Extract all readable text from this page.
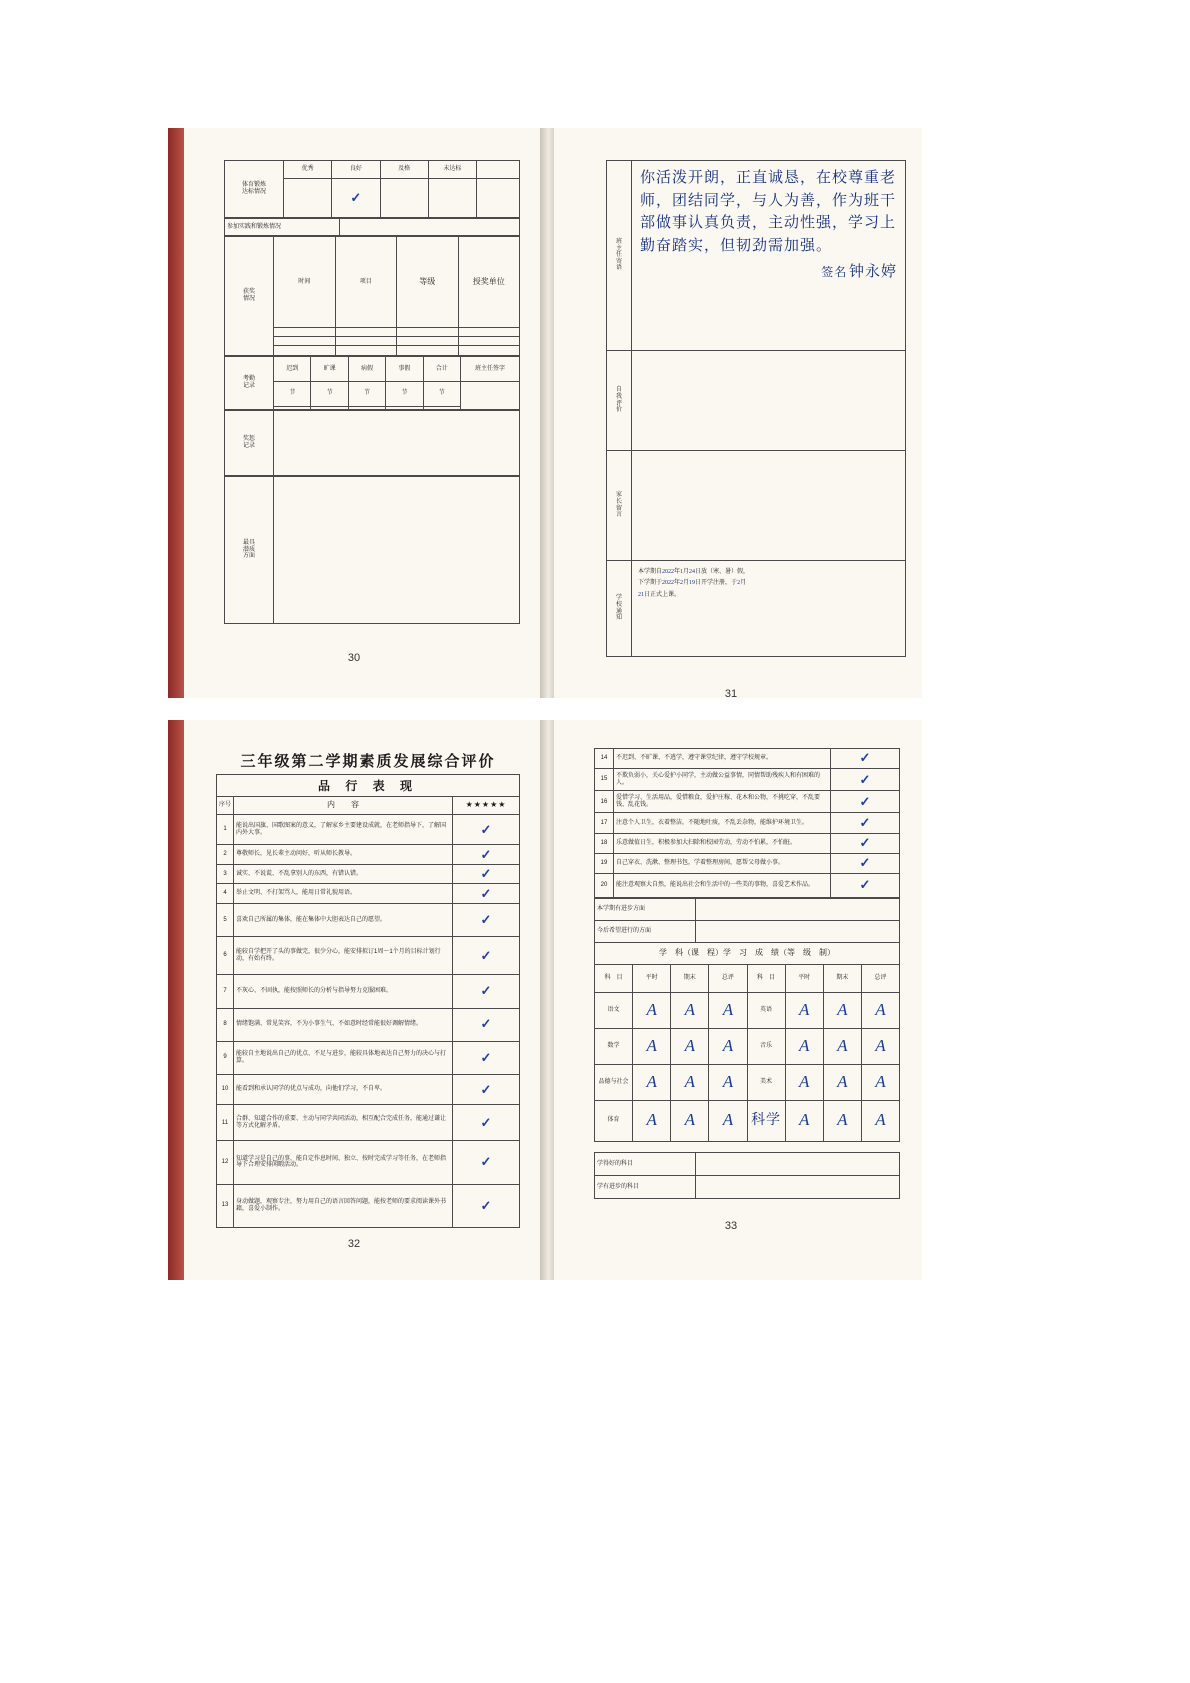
体育锻炼
达标情况	优秀	良好	及格	未达标	
		✓			
参加实践和锻炼情况	
获奖
情况	时间	项目	等级	授奖单位

考勤
记录	迟到	旷课	病假	事假	合计	班主任签字
	节	节	节	节	节	

奖惩
记录

最具
潜质
方面

30
班
主
任
寄
语

你活泼开朗，正直诚恳，在校尊重老师，团结同学，与人为善，作为班干部做事认真负责，主动性强，学习上勤奋踏实，但韧劲需加强。
签名 钟永婷

自
我
评
价	

家
长
留
言	

学
校
通
知

本学期自2022年1月24日放（寒、暑）假，
下学期于2022年2月19日开学注册，于2月
21日正式上课。
31
三年级第二学期素质发展综合评价
品 行 表 现
序号	内　　容	★★★★★
1	能说出国旗、国歌图案的意义，了解家乡主要建设成就，在老师指导下，了解国内外大事。	✓
2	尊敬师长，见长辈主动问好，听从师长教导。	✓
3	诚实、不说谎、不乱拿别人的东西，有错认错。	✓
4	举止文明、不打架骂人，能用日常礼貌用语。	✓
5	喜欢自己所属的集体，能在集体中大胆表达自己的愿望。	✓
6	能较自学把开了头的事做完，很少分心，能安排拟订1周～1个月的目标计划行动，有始有终。	✓
7	不灰心、不固执，能按照师长的分析与指导努力克服困难。	✓
8	情绪饱满、常见笑容，不为小事生气、不如意时经常能很好调解情绪。	✓
9	能较自主地说出自己的优点、不足与进步，能较具体地表达自己努力的决心与打算。	✓
10	能看到和承认同学的优点与成功，向他们学习，不自卑。	✓
11	合群、知道合作的重要、主动与同学共同活动，相互配合完成任务，能通过谦让等方式化解矛盾。	✓
12	知道学习是自己的事，能自定作息时间、独立、按时完成学习等任务，在老师指导下合理安排闲暇活动。	✓
13	身动做题，观察专注，努力用自己的语言回答问题，能按老师的要求阅读课外书籍，喜爱小制作。	✓
32
14	不迟到、不旷课、不逃学，遵守课堂纪律，遵守学校规章。	✓
15	不欺负弱小，关心爱护小同学，主动做公益事情，同情帮助残疾人和有困难的人。	✓
16	爱惜学习、生活用品，爱惜粮食，爱护庄稼、花木和公物，不挑吃穿，不乱要钱、乱花钱。	✓
17	注意个人卫生，衣着整洁，不随地吐痰，不乱丢杂物，能维护环境卫生。	✓
18	乐意做值日生，积极参加大扫除和校园劳动，劳动不怕累，不怕脏。	✓
19	自己穿衣、洗漱、整理书包，学着整理房间，愿帮父母做小事。	✓
20	能注意观察大自然，能说出社会和生活中的一些美的事物，喜爱艺术作品。	✓
本学期有进步方面	
今后希望进行的方面	
学　科（课　程）学　习　成　绩（等　级　制）							
科　目	平时	期末	总评	科　目	平时	期末	总评
语文	A	A	A	英语	A	A	A
数学	A	A	A	音乐	A	A	A
品德与社会	A	A	A	美术	A	A	A
体育	A	A	A	科学	A	A	A
学得好的科目	
学有进步的科目	
33
